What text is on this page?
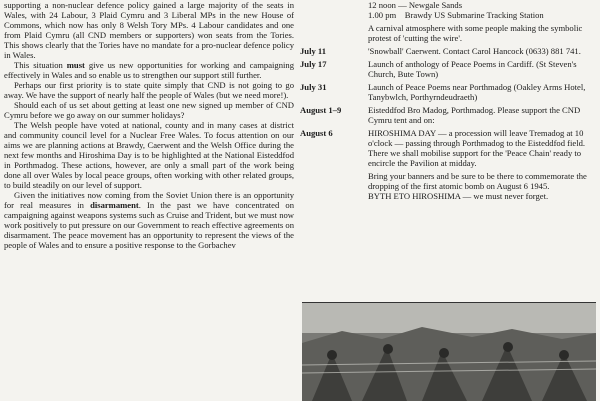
supporting a non-nuclear defence policy gained a large majority of the seats in Wales, with 24 Labour, 3 Plaid Cymru and 3 Liberal MPs in the new House of Commons, which now has only 8 Welsh Tory MPs. 4 Labour candidates and one from Plaid Cymru (all CND members or supporters) won seats from the Tories. This shows clearly that the Tories have no mandate for a pro-nuclear defence policy in Wales.

This situation must give us new opportunities for working and campaigning effectively in Wales and so enable us to strengthen our support still further.

Perhaps our first priority is to state quite simply that CND is not going to go away. We have the support of nearly half the people of Wales (but we need more!).

Should each of us set about getting at least one new signed up member of CND Cymru before we go away on our summer holidays?

The Welsh people have voted at national, county and in many cases at district and community council level for a Nuclear Free Wales. To focus attention on our aims we are planning actions at Brawdy, Caerwent and the Welsh Office during the next few months and Hiroshima Day is to be highlighted at the National Eisteddfod in Porthmadog. These actions, however, are only a small part of the work being done all over Wales by local peace groups, often working with other related groups, to build steadily on our level of support.

Given the initiatives now coming from the Soviet Union there is an opportunity for real measures in disarmament. In the past we have concentrated on campaigning against weapons systems such as Cruise and Trident, but we must now work positively to put pressure on our Government to reach effective agreements on disarmament. The peace movement has an opportunity to represent the views of the people of Wales and to ensure a positive response to the Gorbachev

12 noon — Newgale Sands
1.00 pm Brawdy US Submarine Tracking Station
A carnival atmosphere with some people making the symbolic protest of 'cutting the wire'.
July 11	'Snowball' Caerwent. Contact Carol Hancock (0633) 881 741.
July 17	Launch of anthology of Peace Poems in Cardiff. (St Steven's Church, Bute Town)
July 31	Launch of Peace Poems near Porthmadog (Oakley Arms Hotel, Tanybwlch, Porthyrndeudraeth)
August 1–9	Eisteddfod Bro Madog, Porthmadog. Please support the CND Cymru tent and on:
August 6	HIROSHIMA DAY — a procession will leave Tremadog at 10 o'clock — passing through Porthmadog to the Eisteddfod field. There we shall mobilise support for the 'Peace Chain' ready to encircle the Pavilion at midday.
Bring your banners and be sure to be there to commemorate the dropping of the first atomic bomb on August 6 1945.
BYTH ETO HIROSHIMA — we must never forget.
